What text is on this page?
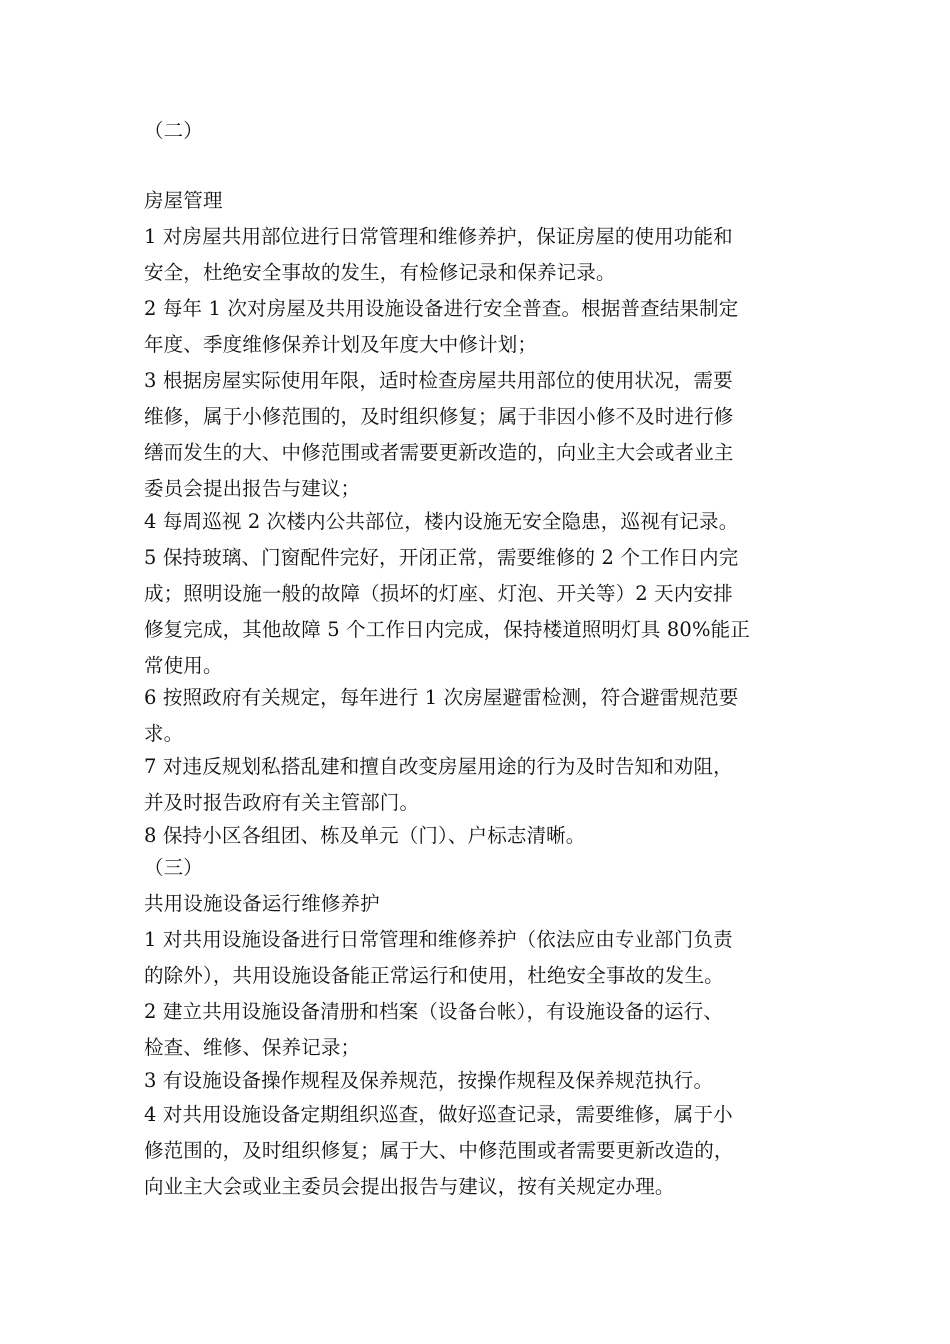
（二）
房屋管理
1 对房屋共用部位进行日常管理和维修养护，保证房屋的使用功能和
安全，杜绝安全事故的发生，有检修记录和保养记录。
2 每年 1 次对房屋及共用设施设备进行安全普查。根据普查结果制定
年度、季度维修保养计划及年度大中修计划；
3 根据房屋实际使用年限，适时检查房屋共用部位的使用状况，需要
维修，属于小修范围的，及时组织修复；属于非因小修不及时进行修
缮而发生的大、中修范围或者需要更新改造的，向业主大会或者业主
委员会提出报告与建议；
4 每周巡视 2 次楼内公共部位，楼内设施无安全隐患，巡视有记录。
5 保持玻璃、门窗配件完好，开闭正常，需要维修的 2 个工作日内完
成；照明设施一般的故障（损坏的灯座、灯泡、开关等）2 天内安排
修复完成，其他故障 5 个工作日内完成，保持楼道照明灯具 80%能正
常使用。
6 按照政府有关规定，每年进行 1 次房屋避雷检测，符合避雷规范要
求。
7 对违反规划私搭乱建和擅自改变房屋用途的行为及时告知和劝阻，
并及时报告政府有关主管部门。
8 保持小区各组团、栋及单元（门）、户标志清晰。
（三）
共用设施设备运行维修养护
1 对共用设施设备进行日常管理和维修养护（依法应由专业部门负责
的除外），共用设施设备能正常运行和使用，杜绝安全事故的发生。
2 建立共用设施设备清册和档案（设备台帐），有设施设备的运行、
检查、维修、保养记录；
3 有设施设备操作规程及保养规范，按操作规程及保养规范执行。
4 对共用设施设备定期组织巡查，做好巡查记录，需要维修，属于小
修范围的，及时组织修复；属于大、中修范围或者需要更新改造的，
向业主大会或业主委员会提出报告与建议，按有关规定办理。
